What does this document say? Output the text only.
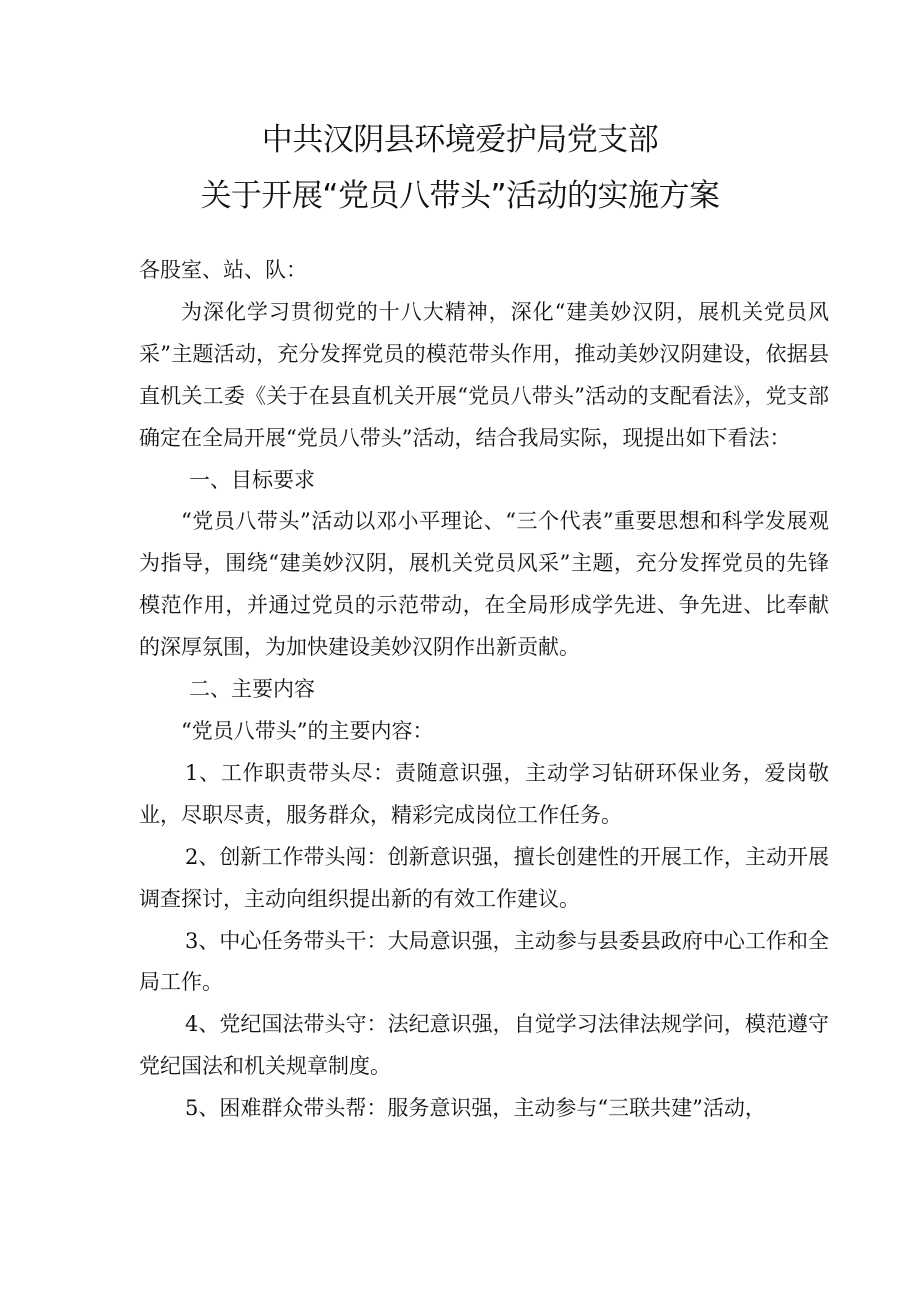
中共汉阴县环境爱护局党支部
关于开展“党员八带头”活动的实施方案

各股室、站、队：

为深化学习贯彻党的十八大精神，深化“建美妙汉阴，展机关党员风采”主题活动，充分发挥党员的模范带头作用，推动美妙汉阴建设，依据县直机关工委《关于在县直机关开展“党员八带头”活动的支配看法》，党支部确定在全局开展“党员八带头”活动，结合我局实际，现提出如下看法：

一、目标要求

“党员八带头”活动以邓小平理论、“三个代表”重要思想和科学发展观为指导，围绕“建美妙汉阴，展机关党员风采”主题，充分发挥党员的先锋模范作用，并通过党员的示范带动，在全局形成学先进、争先进、比奉献的深厚氛围，为加快建设美妙汉阴作出新贡献。

二、主要内容

“党员八带头”的主要内容：

1、工作职责带头尽：责随意识强，主动学习钻研环保业务，爱岗敬业，尽职尽责，服务群众，精彩完成岗位工作任务。

2、创新工作带头闯：创新意识强，擅长创建性的开展工作，主动开展调查探讨，主动向组织提出新的有效工作建议。

3、中心任务带头干：大局意识强，主动参与县委县政府中心工作和全局工作。

4、党纪国法带头守：法纪意识强，自觉学习法律法规学问，模范遵守党纪国法和机关规章制度。

5、困难群众带头帮：服务意识强，主动参与“三联共建”活动，
